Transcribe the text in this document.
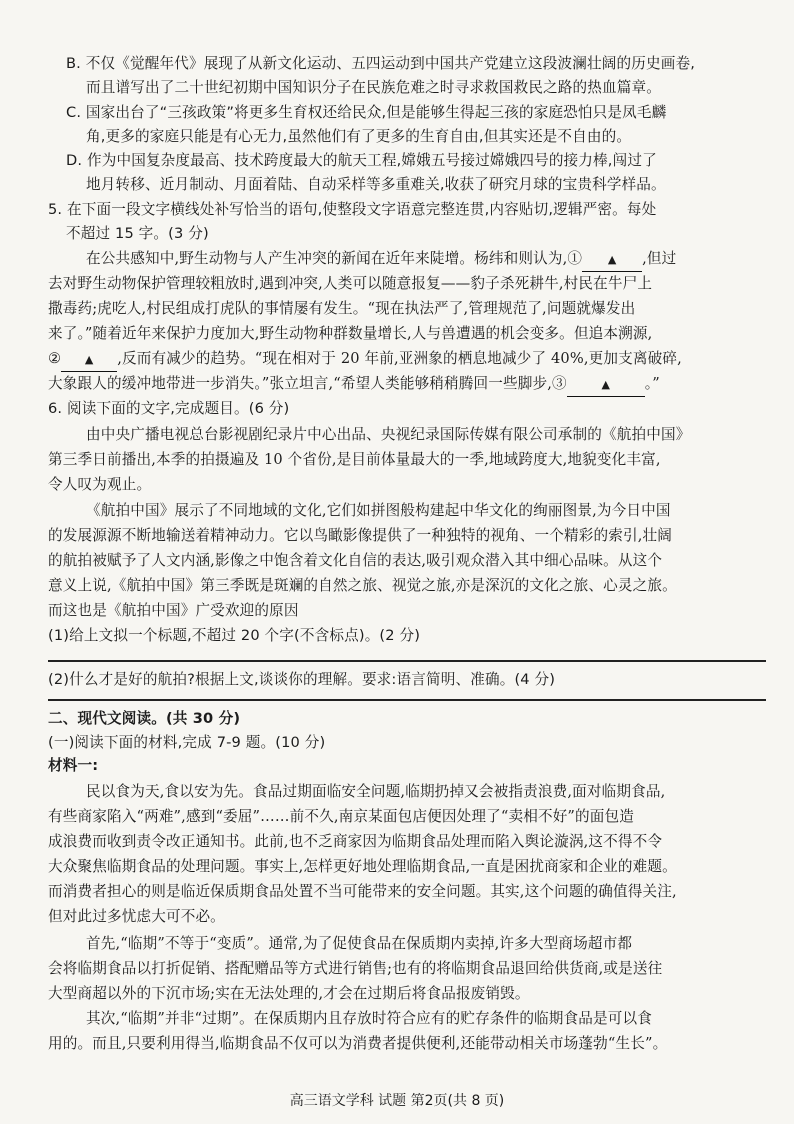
B. 不仅《觉醒年代》展现了从新文化运动、五四运动到中国共产党建立这段波澜壮阔的历史画卷,

而且谱写出了二十世纪初期中国知识分子在民族危难之时寻求救国救民之路的热血篇章。

C. 国家出台了“三孩政策”将更多生育权还给民众,但是能够生得起三孩的家庭恐怕只是凤毛麟

角,更多的家庭只能是有心无力,虽然他们有了更多的生育自由,但其实还是不自由的。

D. 作为中国复杂度最高、技术跨度最大的航天工程,嫦娥五号接过嫦娥四号的接力棒,闯过了

地月转移、近月制动、月面着陆、自动采样等多重难关,收获了研究月球的宝贵科学样品。

5. 在下面一段文字横线处补写恰当的语句,使整段文字语意完整连贯,内容贴切,逻辑严密。每处

不超过 15 字。(3 分)

在公共感知中,野生动物与人产生冲突的新闻在近年来陡增。杨纬和则认为,① ▲ ,但过

去对野生动物保护管理较粗放时,遇到冲突,人类可以随意报复——豹子杀死耕牛,村民在牛尸上

撒毒药;虎吃人,村民组成打虎队的事情屡有发生。“现在执法严了,管理规范了,问题就爆发出

来了。”随着近年来保护力度加大,野生动物种群数量增长,人与兽遭遇的机会变多。但追本溯源,

② ▲ ,反而有减少的趋势。“现在相对于 20 年前,亚洲象的栖息地减少了 40%,更加支离破碎,

大象跟人的缓冲地带进一步消失。”张立坦言,“希望人类能够稍稍腾回一些脚步,③	▲ 。”

6. 阅读下面的文字,完成题目。(6 分)

由中央广播电视总台影视剧纪录片中心出品、央视纪录国际传媒有限公司承制的《航拍中国》

第三季日前播出,本季的拍摄遍及 10 个省份,是目前体量最大的一季,地域跨度大,地貌变化丰富,

令人叹为观止。

《航拍中国》展示了不同地域的文化,它们如拼图般构建起中华文化的绚丽图景,为今日中国

的发展源源不断地输送着精神动力。它以鸟瞰影像提供了一种独特的视角、一个精彩的索引,壮阔

的航拍被赋予了人文内涵,影像之中饱含着文化自信的表达,吸引观众潜入其中细心品味。从这个

意义上说,《航拍中国》第三季既是斑斓的自然之旅、视觉之旅,亦是深沉的文化之旅、心灵之旅。

而这也是《航拍中国》广受欢迎的原因

(1)给上文拟一个标题,不超过 20 个字(不含标点)。(2 分)

(2)什么才是好的航拍?根据上文,谈谈你的理解。要求:语言简明、准确。(4 分)

二、现代文阅读。(共 30 分)

(一)阅读下面的材料,完成 7-9 题。(10 分)

材料一:

民以食为天,食以安为先。食品过期面临安全问题,临期扔掉又会被指责浪费,面对临期食品,

有些商家陷入“两难”,感到“委屈”……前不久,南京某面包店便因处理了“卖相不好”的面包造

成浪费而收到责令改正通知书。此前,也不乏商家因为临期食品处理而陷入舆论漩涡,这不得不令

大众聚焦临期食品的处理问题。事实上,怎样更好地处理临期食品,一直是困扰商家和企业的难题。

而消费者担心的则是临近保质期食品处置不当可能带来的安全问题。其实,这个问题的确值得关注,

但对此过多忧虑大可不必。

首先,“临期”不等于“变质”。通常,为了促使食品在保质期内卖掉,许多大型商场超市都

会将临期食品以打折促销、搭配赠品等方式进行销售;也有的将临期食品退回给供货商,或是送往

大型商超以外的下沉市场;实在无法处理的,才会在过期后将食品报废销毁。

其次,“临期”并非“过期”。在保质期内且存放时符合应有的贮存条件的临期食品是可以食

用的。而且,只要利用得当,临期食品不仅可以为消费者提供便利,还能带动相关市场蓬勃“生长”。

高三语文学科 试题 第2页(共 8 页)
